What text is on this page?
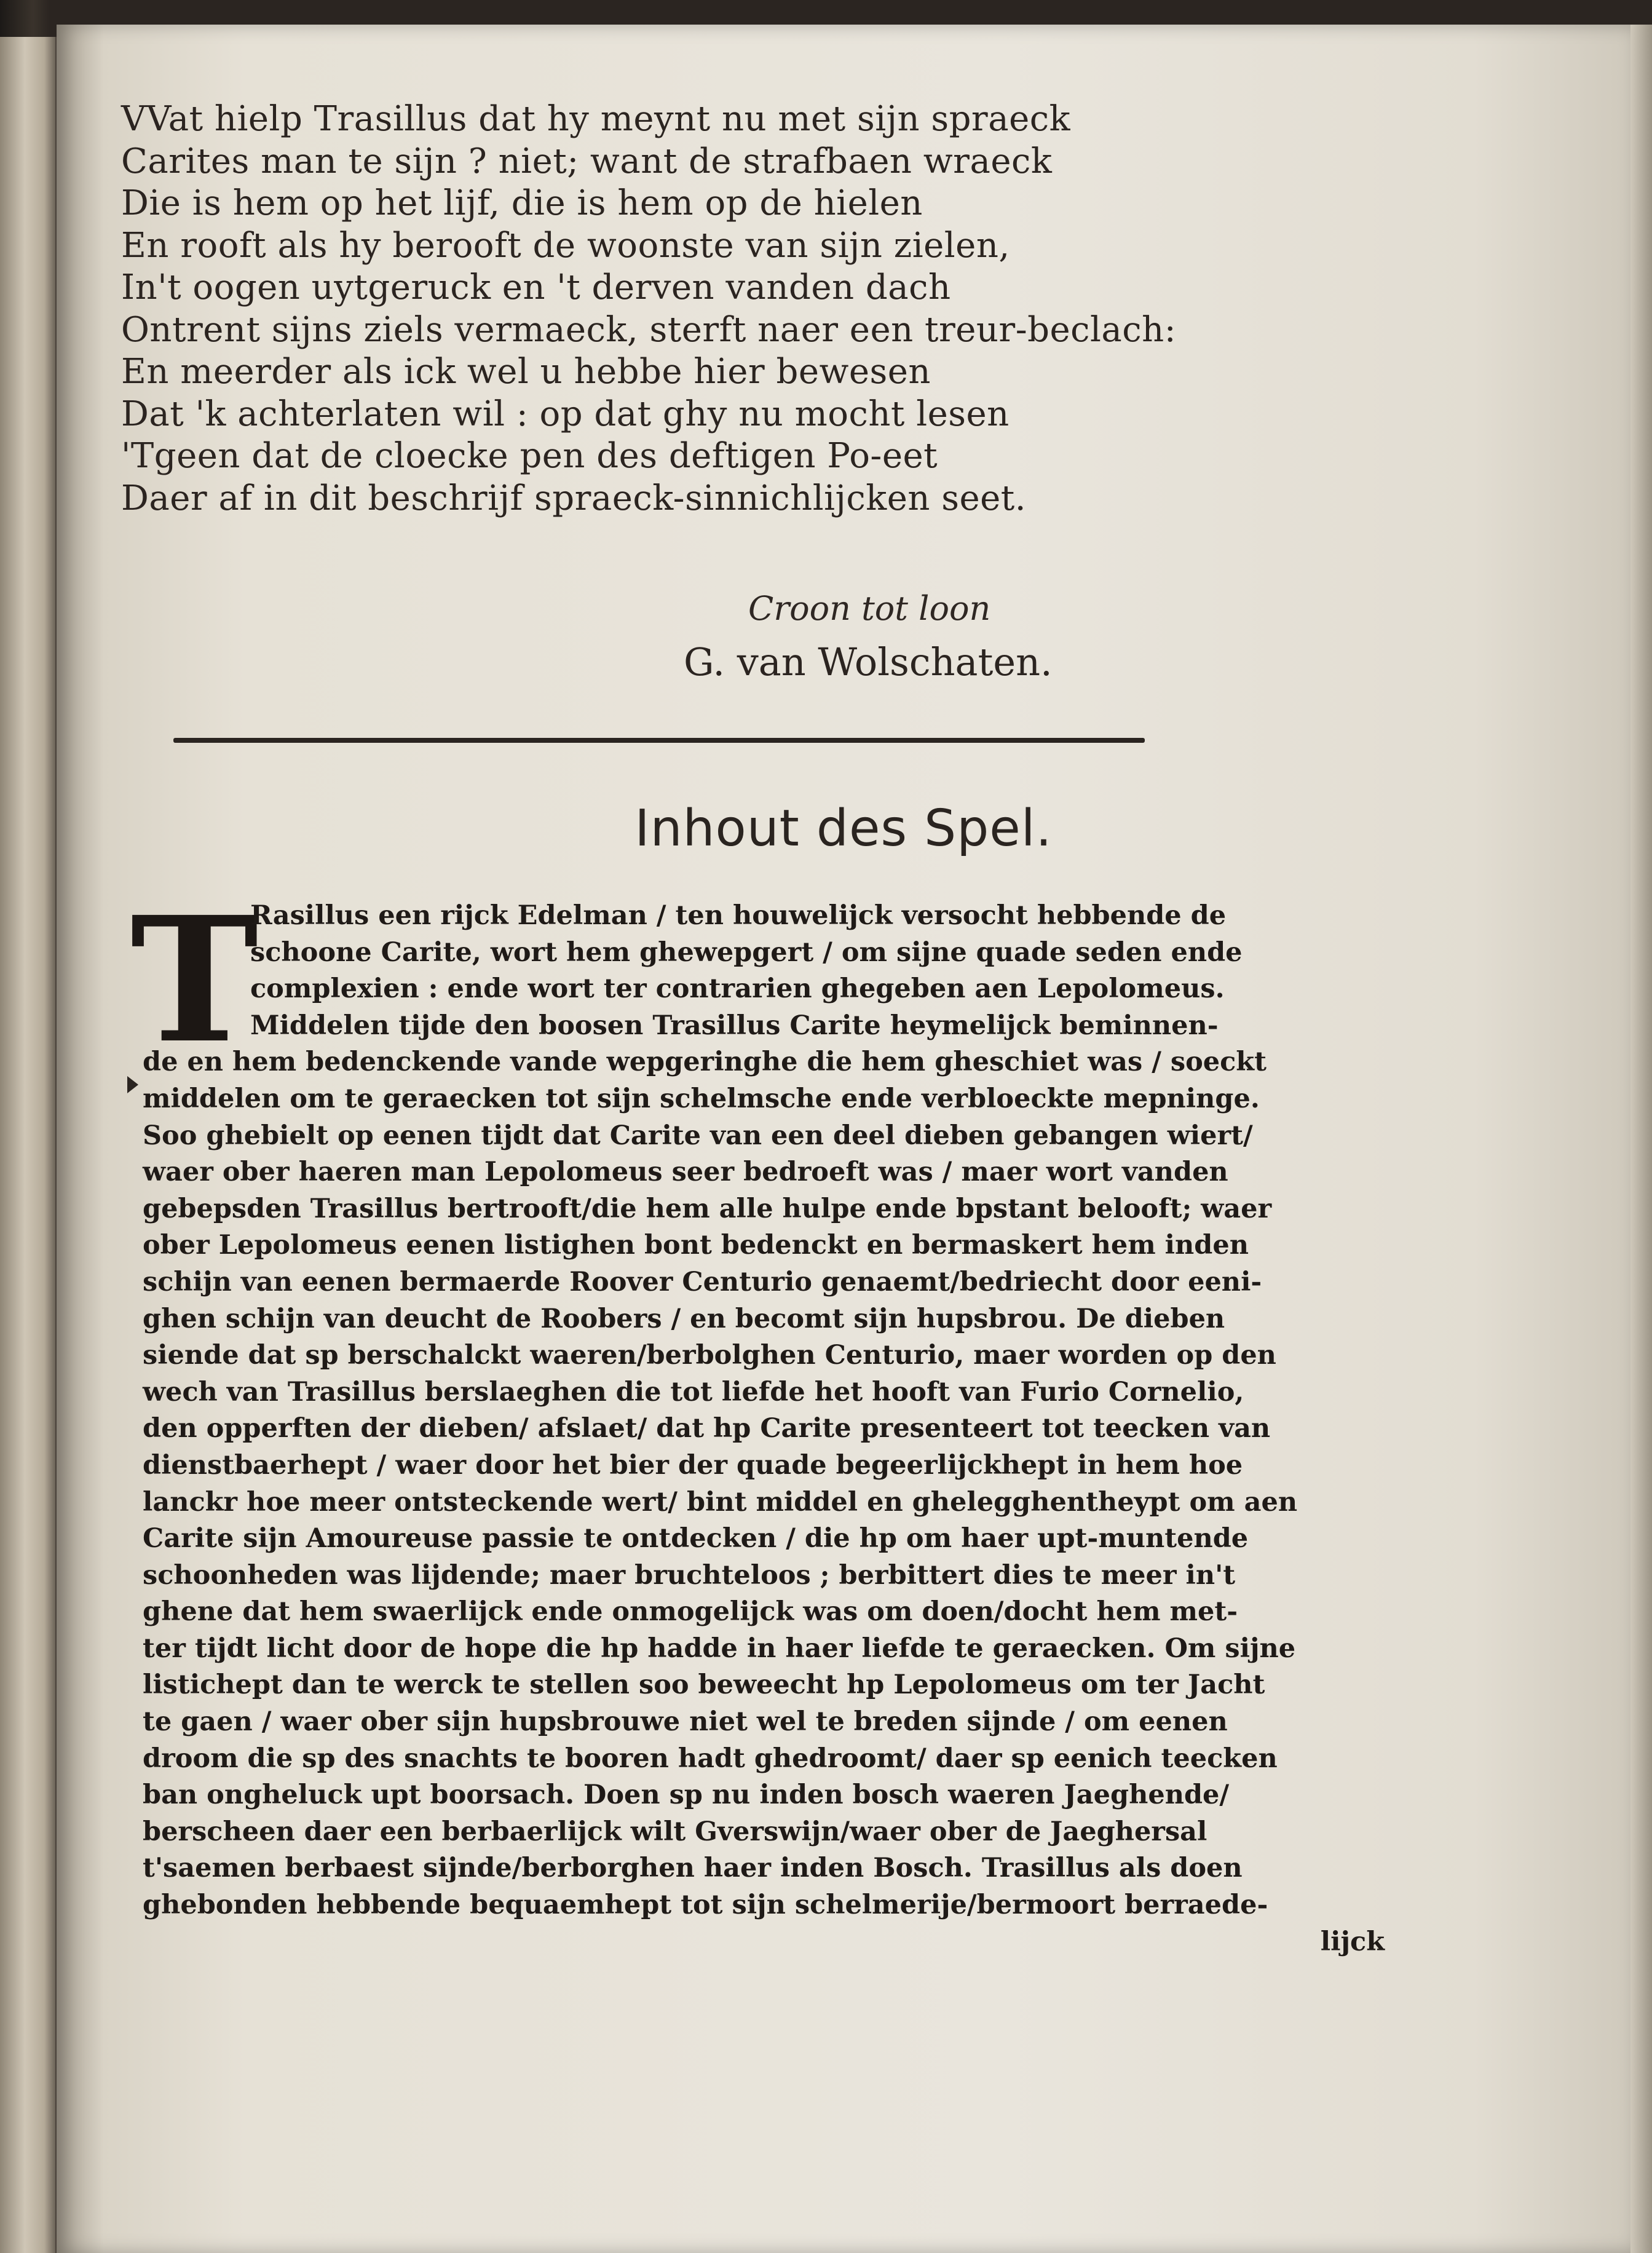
VVat hielp Trasillus dat hy meynt nu met sijn spraeck
Carites man te sijn ? niet; want de strafbaen wraeck
Die is hem op het lijf, die is hem op de hielen
En rooft als hy berooft de woonste van sijn zielen,
In't oogen uytgeruck en 't derven vanden dach
Ontrent sijns ziels vermaeck, sterft naer een treur-beclach:
En meerder als ick wel u hebbe hier bewesen
Dat 'k achterlaten wil : op dat ghy nu mocht lesen
'Tgeen dat de cloecke pen des deftigen Po-eet
Daer af in dit beschrijf spraeck-sinnichlijcken seet.
Croon tot loon
G. van Wolschaten.
Inhout des Spel.
T
Rasillus een rijck Edelman / ten houwelijck versocht hebbende de
schoone Carite, wort hem ghewepgert / om sijne quade seden ende
complexien : ende wort ter contrarien ghegeben aen Lepolomeus.
Middelen tijde den boosen Trasillus Carite heymelijck beminnen-
de en hem bedenckende vande wepgeringhe die hem gheschiet was / soeckt
middelen om te geraecken tot sijn schelmsche ende verbloeckte mepninge.
Soo ghebielt op eenen tijdt dat Carite van een deel dieben gebangen wiert/
waer ober haeren man Lepolomeus seer bedroeft was / maer wort vanden
gebepsden Trasillus bertrooft/die hem alle hulpe ende bpstant belooft; waer
ober Lepolomeus eenen listighen bont bedenckt en bermaskert hem inden
schijn van eenen bermaerde Roover Centurio genaemt/bedriecht door eeni-
ghen schijn van deucht de Roobers / en becomt sijn hupsbrou. De dieben
siende dat sp berschalckt waeren/berbolghen Centurio, maer worden op den
wech van Trasillus berslaeghen die tot liefde het hooft van Furio Cornelio,
den opperften der dieben/ afslaet/ dat hp Carite presenteert tot teecken van
dienstbaerhept / waer door het bier der quade begeerlijckhept in hem hoe
lanckr hoe meer ontsteckende wert/ bint middel en ghelegghentheypt om aen
Carite sijn Amoureuse passie te ontdecken / die hp om haer upt-muntende
schoonheden was lijdende; maer bruchteloos ; berbittert dies te meer in't
ghene dat hem swaerlijck ende onmogelijck was om doen/docht hem met-
ter tijdt licht door de hope die hp hadde in haer liefde te geraecken. Om sijne
listichept dan te werck te stellen soo beweecht hp Lepolomeus om ter Jacht
te gaen / waer ober sijn hupsbrouwe niet wel te breden sijnde / om eenen
droom die sp des snachts te booren hadt ghedroomt/ daer sp eenich teecken
ban ongheluck upt boorsach. Doen sp nu inden bosch waeren Jaeghende/
berscheen daer een berbaerlijck wilt Gverswijn/waer ober de Jaeghersal
t'saemen berbaest sijnde/berborghen haer inden Bosch. Trasillus als doen
ghebonden hebbende bequaemhept tot sijn schelmerije/bermoort berraede-
lijck
